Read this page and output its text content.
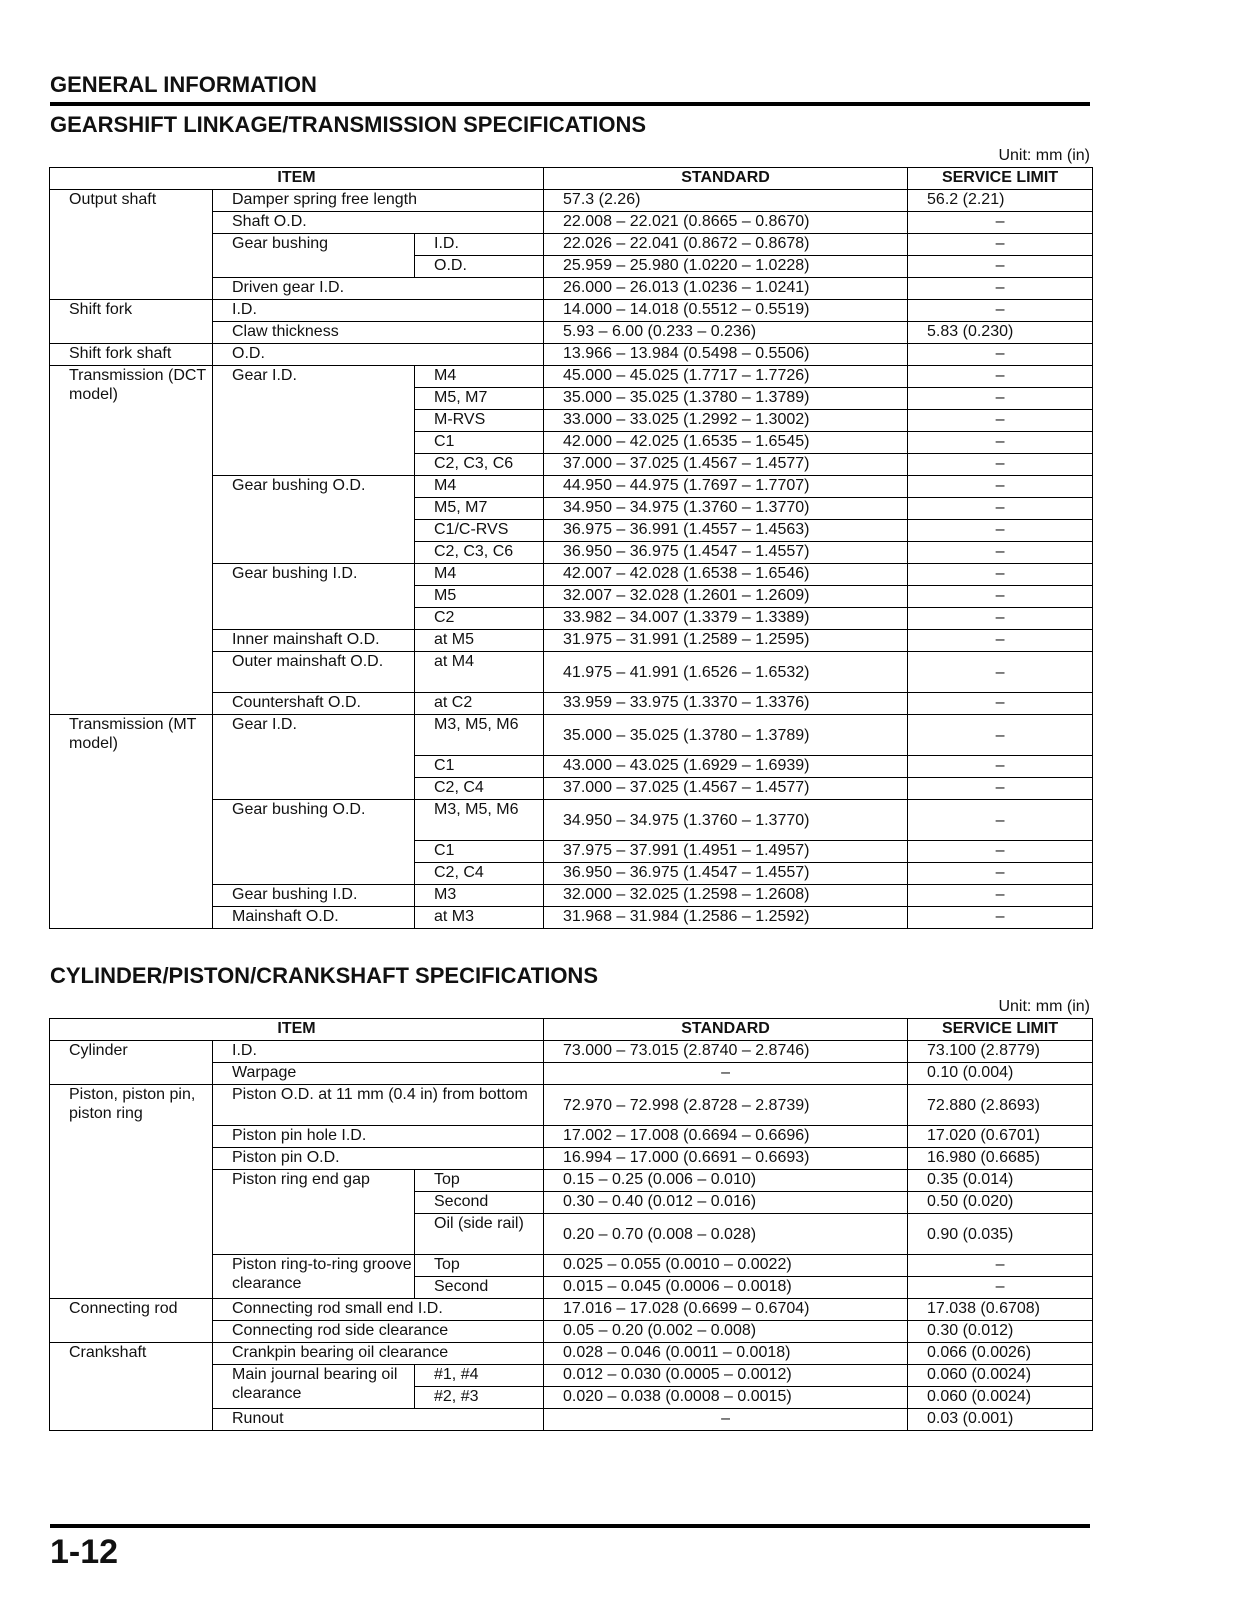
GENERAL INFORMATION
GEARSHIFT LINKAGE/TRANSMISSION SPECIFICATIONS
Unit: mm (in)
ITEM			STANDARD	SERVICE LIMIT
Output shaft	Damper spring free length		57.3 (2.26)	56.2 (2.21)
	Shaft O.D.		22.008 – 22.021 (0.8665 – 0.8670)	–
	Gear bushing	I.D.	22.026 – 22.041 (0.8672 – 0.8678)	–
		O.D.	25.959 – 25.980 (1.0220 – 1.0228)	–
	Driven gear I.D.		26.000 – 26.013 (1.0236 – 1.0241)	–
Shift fork	I.D.		14.000 – 14.018 (0.5512 – 0.5519)	–
	Claw thickness		5.93 – 6.00 (0.233 – 0.236)	5.83 (0.230)
Shift fork shaft	O.D.		13.966 – 13.984 (0.5498 – 0.5506)	–
Transmission (DCT model)	Gear I.D.	M4	45.000 – 45.025 (1.7717 – 1.7726)	–
		M5, M7	35.000 – 35.025 (1.3780 – 1.3789)	–
		M-RVS	33.000 – 33.025 (1.2992 – 1.3002)	–
		C1	42.000 – 42.025 (1.6535 – 1.6545)	–
		C2, C3, C6	37.000 – 37.025 (1.4567 – 1.4577)	–
	Gear bushing O.D.	M4	44.950 – 44.975 (1.7697 – 1.7707)	–
		M5, M7	34.950 – 34.975 (1.3760 – 1.3770)	–
		C1/C-RVS	36.975 – 36.991 (1.4557 – 1.4563)	–
		C2, C3, C6	36.950 – 36.975 (1.4547 – 1.4557)	–
	Gear bushing I.D.	M4	42.007 – 42.028 (1.6538 – 1.6546)	–
		M5	32.007 – 32.028 (1.2601 – 1.2609)	–
		C2	33.982 – 34.007 (1.3379 – 1.3389)	–
	Inner mainshaft O.D.	at M5	31.975 – 31.991 (1.2589 – 1.2595)	–
	Outer mainshaft O.D.	at M4	41.975 – 41.991 (1.6526 – 1.6532)	–
	Countershaft O.D.	at C2	33.959 – 33.975 (1.3370 – 1.3376)	–
Transmission (MT model)	Gear I.D.	M3, M5, M6	35.000 – 35.025 (1.3780 – 1.3789)	–
		C1	43.000 – 43.025 (1.6929 – 1.6939)	–
		C2, C4	37.000 – 37.025 (1.4567 – 1.4577)	–
	Gear bushing O.D.	M3, M5, M6	34.950 – 34.975 (1.3760 – 1.3770)	–
		C1	37.975 – 37.991 (1.4951 – 1.4957)	–
		C2, C4	36.950 – 36.975 (1.4547 – 1.4557)	–
	Gear bushing I.D.	M3	32.000 – 32.025 (1.2598 – 1.2608)	–
	Mainshaft O.D.	at M3	31.968 – 31.984 (1.2586 – 1.2592)	–
CYLINDER/PISTON/CRANKSHAFT SPECIFICATIONS
Unit: mm (in)
ITEM			STANDARD	SERVICE LIMIT
Cylinder	I.D.		73.000 – 73.015 (2.8740 – 2.8746)	73.100 (2.8779)
	Warpage		–	0.10 (0.004)
Piston, piston pin, piston ring	Piston O.D. at 11 mm (0.4 in) from bottom		72.970 – 72.998 (2.8728 – 2.8739)	72.880 (2.8693)
	Piston pin hole I.D.		17.002 – 17.008 (0.6694 – 0.6696)	17.020 (0.6701)
	Piston pin O.D.		16.994 – 17.000 (0.6691 – 0.6693)	16.980 (0.6685)
	Piston ring end gap	Top	0.15 – 0.25 (0.006 – 0.010)	0.35 (0.014)
		Second	0.30 – 0.40 (0.012 – 0.016)	0.50 (0.020)
		Oil (side rail)	0.20 – 0.70 (0.008 – 0.028)	0.90 (0.035)
	Piston ring-to-ring groove clearance	Top	0.025 – 0.055 (0.0010 – 0.0022)	–
		Second	0.015 – 0.045 (0.0006 – 0.0018)	–
Connecting rod	Connecting rod small end I.D.		17.016 – 17.028 (0.6699 – 0.6704)	17.038 (0.6708)
	Connecting rod side clearance		0.05 – 0.20 (0.002 – 0.008)	0.30 (0.012)
Crankshaft	Crankpin bearing oil clearance		0.028 – 0.046 (0.0011 – 0.0018)	0.066 (0.0026)
	Main journal bearing oil clearance	#1, #4	0.012 – 0.030 (0.0005 – 0.0012)	0.060 (0.0024)
		#2, #3	0.020 – 0.038 (0.0008 – 0.0015)	0.060 (0.0024)
	Runout		–	0.03 (0.001)
1-12
